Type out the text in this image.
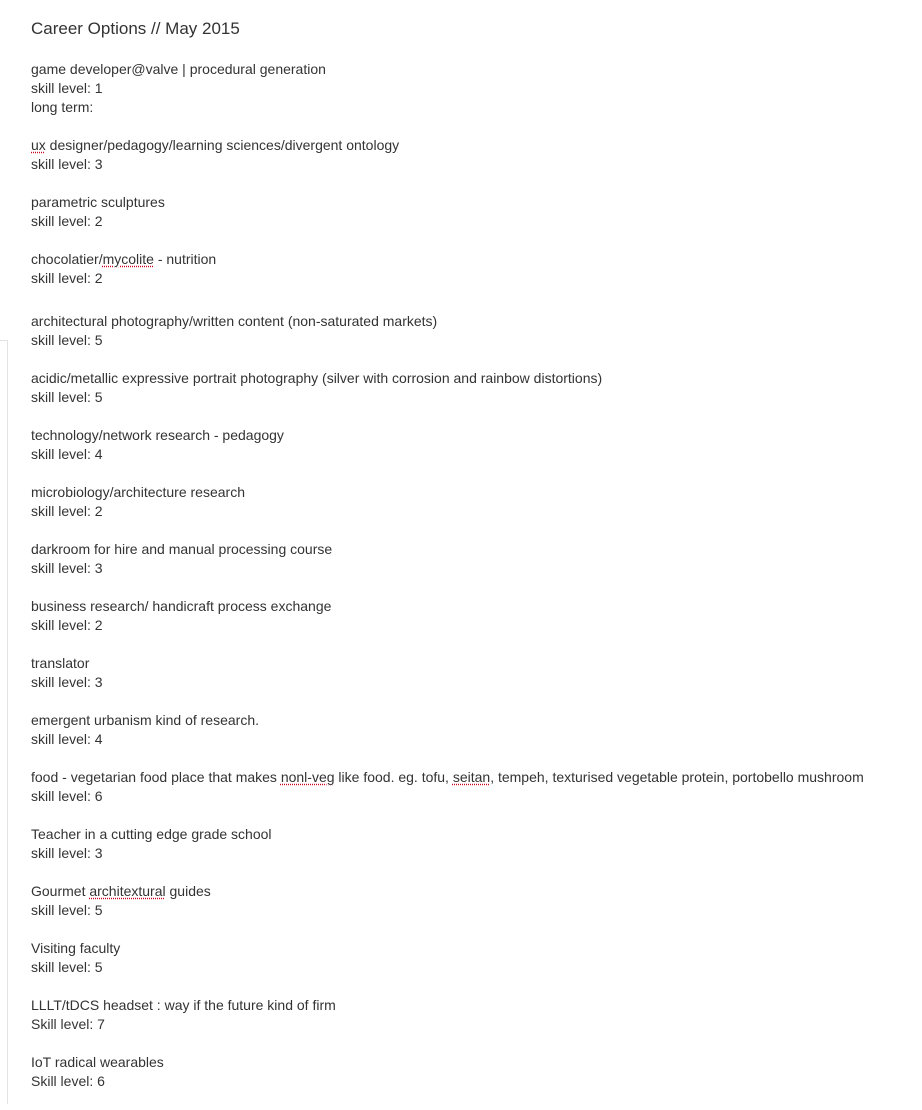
Career Options // May 2015
game developer@valve | procedural generation
skill level: 1
long term:
ux designer/pedagogy/learning sciences/divergent ontology
skill level: 3
parametric sculptures
skill level: 2
chocolatier/mycolite - nutrition
skill level: 2
architectural photography/written content (non-saturated markets)
skill level: 5
acidic/metallic expressive portrait photography (silver with corrosion and rainbow distortions)
skill level: 5
technology/network research - pedagogy
skill level: 4
microbiology/architecture research
skill level: 2
darkroom for hire and manual processing course
skill level: 3
business research/ handicraft process exchange
skill level: 2
translator
skill level: 3
emergent urbanism kind of research.
skill level: 4
food - vegetarian food place that makes nonl-veg like food. eg. tofu, seitan, tempeh, texturised vegetable protein, portobello mushroom
skill level: 6
Teacher in a cutting edge grade school
skill level: 3
Gourmet architextural guides
skill level: 5
Visiting faculty
skill level: 5
LLLT/tDCS headset : way if the future kind of firm
Skill level: 7
IoT radical wearables
Skill level: 6
